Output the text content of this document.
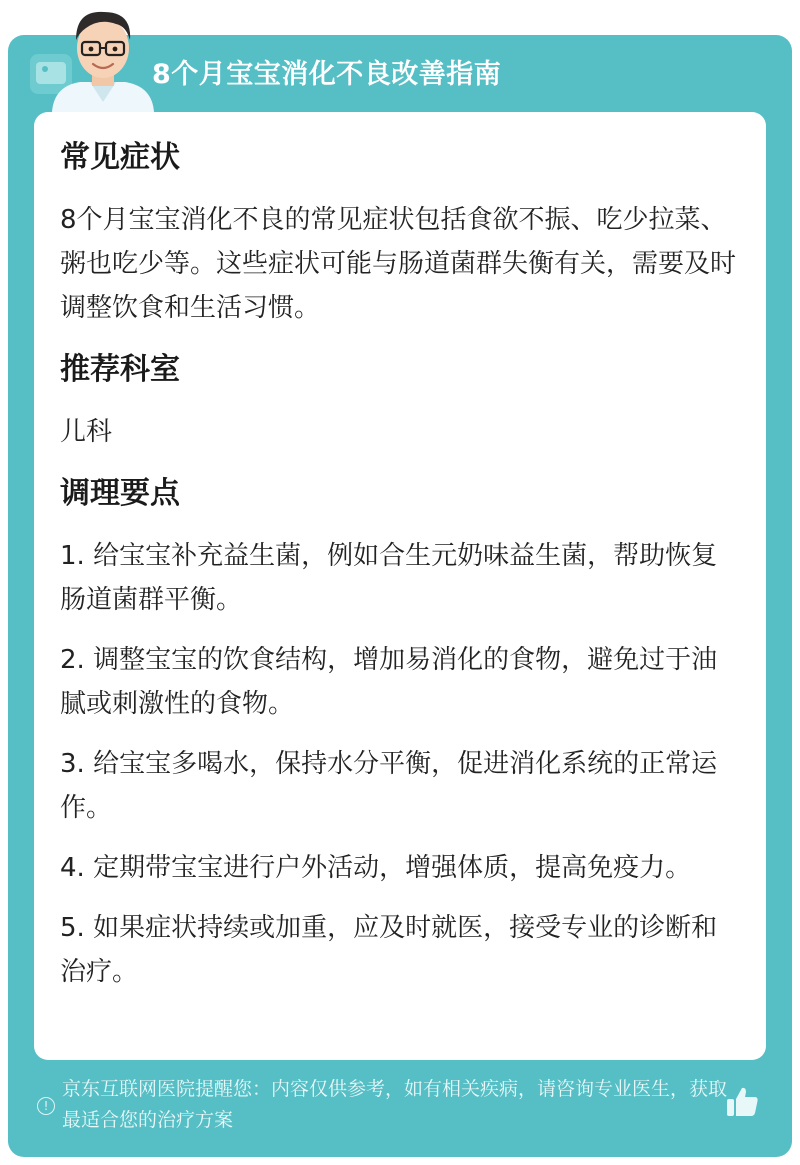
8个月宝宝消化不良改善指南
常见症状

8个月宝宝消化不良的常见症状包括食欲不振、吃少拉菜、粥也吃少等。这些症状可能与肠道菌群失衡有关，需要及时调整饮食和生活习惯。

推荐科室

儿科

调理要点
1. 给宝宝补充益生菌，例如合生元奶味益生菌，帮助恢复肠道菌群平衡。
2. 调整宝宝的饮食结构，增加易消化的食物，避免过于油腻或刺激性的食物。
3. 给宝宝多喝水，保持水分平衡，促进消化系统的正常运作。
4. 定期带宝宝进行户外活动，增强体质，提高免疫力。
5. 如果症状持续或加重，应及时就医，接受专业的诊断和治疗。
!
京东互联网医院提醒您：内容仅供参考，如有相关疾病，请咨询专业医生，获取最适合您的治疗方案
